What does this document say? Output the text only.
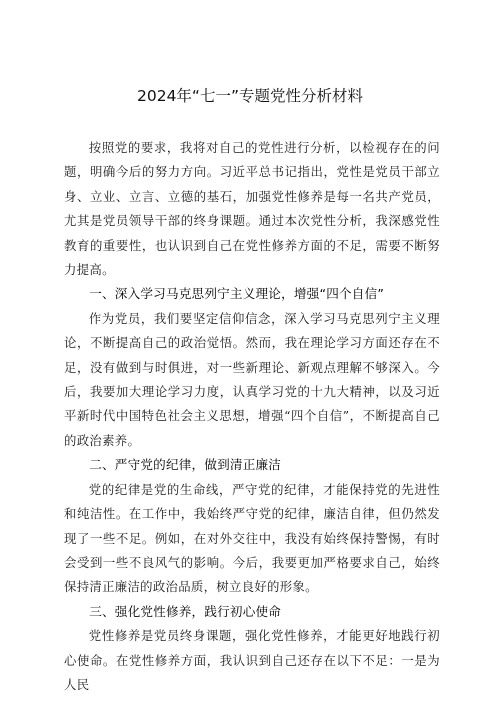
2024年“七一”专题党性分析材料

按照党的要求，我将对自己的党性进行分析，以检视存在的问题，明确今后的努力方向。习近平总书记指出，党性是党员干部立身、立业、立言、立德的基石，加强党性修养是每一名共产党员，尤其是党员领导干部的终身课题。通过本次党性分析，我深感党性教育的重要性，也认识到自己在党性修养方面的不足，需要不断努力提高。

一、深入学习马克思列宁主义理论，增强“四个自信”

作为党员，我们要坚定信仰信念，深入学习马克思列宁主义理论，不断提高自己的政治觉悟。然而，我在理论学习方面还存在不足，没有做到与时俱进，对一些新理论、新观点理解不够深入。今后，我要加大理论学习力度，认真学习党的十九大精神，以及习近平新时代中国特色社会主义思想，增强“四个自信”，不断提高自己的政治素养。

二、严守党的纪律，做到清正廉洁

党的纪律是党的生命线，严守党的纪律，才能保持党的先进性和纯洁性。在工作中，我始终严守党的纪律，廉洁自律，但仍然发现了一些不足。例如，在对外交往中，我没有始终保持警惕，有时会受到一些不良风气的影响。今后，我要更加严格要求自己，始终保持清正廉洁的政治品质，树立良好的形象。

三、强化党性修养，践行初心使命

党性修养是党员终身课题，强化党性修养，才能更好地践行初心使命。在党性修养方面，我认识到自己还存在以下不足：一是为人民
